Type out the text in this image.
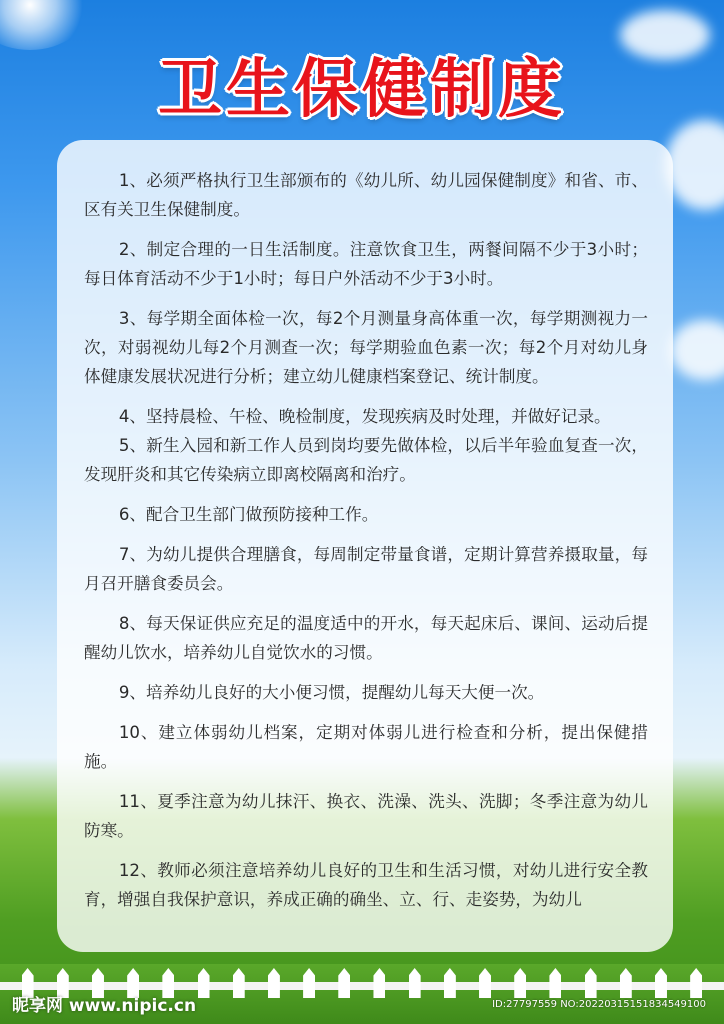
卫生保健制度

1、必须严格执行卫生部颁布的《幼儿所、幼儿园保健制度》和省、市、区有关卫生保健制度。

2、制定合理的一日生活制度。注意饮食卫生，两餐间隔不少于3小时；每日体育活动不少于1小时；每日户外活动不少于3小时。

3、每学期全面体检一次，每2个月测量身高体重一次，每学期测视力一次，对弱视幼儿每2个月测查一次；每学期验血色素一次；每2个月对幼儿身体健康发展状况进行分析；建立幼儿健康档案登记、统计制度。

4、坚持晨检、午检、晚检制度，发现疾病及时处理，并做好记录。

5、新生入园和新工作人员到岗均要先做体检，以后半年验血复查一次，发现肝炎和其它传染病立即离校隔离和治疗。

6、配合卫生部门做预防接种工作。

7、为幼儿提供合理膳食，每周制定带量食谱，定期计算营养摄取量，每月召开膳食委员会。

8、每天保证供应充足的温度适中的开水，每天起床后、课间、运动后提醒幼儿饮水，培养幼儿自觉饮水的习惯。

9、培养幼儿良好的大小便习惯，提醒幼儿每天大便一次。

10、建立体弱幼儿档案，定期对体弱儿进行检查和分析，提出保健措施。

11、夏季注意为幼儿抹汗、换衣、洗澡、洗头、洗脚；冬季注意为幼儿防寒。

12、教师必须注意培养幼儿良好的卫生和生活习惯，对幼儿进行安全教育，增强自我保护意识，养成正确的确坐、立、行、走姿势，为幼儿

昵享网 www.nipic.cn	ID:27797559 NO:20220315151834549100
